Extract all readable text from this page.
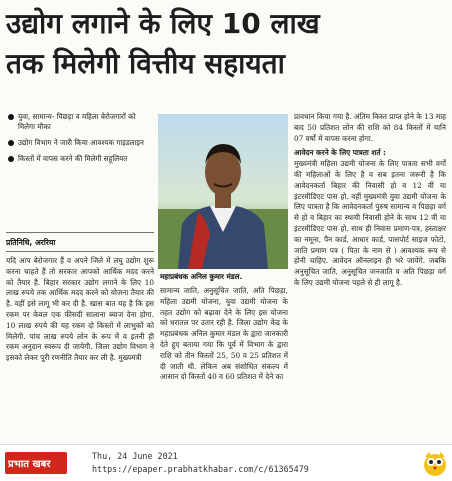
उद्योग लगाने के लिए 10 लाख
तक मिलेगी वित्तीय सहायता
युवा, सामान्य- पिछड़ा व महिला बेरोजगारों को मिलेगा मौका
उद्योग विभाग ने जारी किया आवश्यक गाइडलाइन
किस्तों में वापस करने की मिलेगी सहूलियत
प्रतिनिधि, अररिया

यदि आप बेरोजगार हैं व अपने जिले में लघु उद्योग शुरू करना चाहते हैं तो सरकार आपको आर्थिक मदद करने को तैयार है. बिहार सरकार उद्योग लगाने के लिए 10 लाख रुपये तक आर्थिक मदद करने को योजना तैयार की है. वहीं इसे लागू भी कर दी है. खास बात यह है कि इस रकम पर केवल एक फीसदी सालाना ब्याज देना होगा. 10 लाख रुपये की यह रकम दो किस्तों में लाभुकों को मिलेगी. पांच लाख रुपये लोन के रूप में व इतनी ही रकम अनुदान स्वरूप दी जायेगी. जिला उद्योग विभाग ने इसको लेकर पूरी रणनीति तैयार कर ली है. मुख्यमंत्री

महाप्रबंधक अनिल कुमार मंडल.

सामान्य जाति, अनुसूचित जाति, अति पिछड़ा, महिला उद्यमी योजना, युवा उद्यमी योजना के तहत उद्योग को बढ़ावा देने के लिए इस योजना को धरातल पर उतार रही है. जिला उद्योग केंद्र के महाप्रबंधक अनिल कुमार मंडल के द्वारा जानकारी देते हुए बताया गया कि पूर्व में विभाग के द्वारा राशि को तीन किस्तों 25, 50 व 25 प्रतिशत में दी जाती थी. लेकिन अब संशोधित संकल्प में आसान दो किस्तों 40 व 60 प्रतिशत में देने का

प्रावधान किया गया है. अंतिम किस्त प्राप्त होने के 13 माह बाद 50 प्रतिशत लोन की राशि को 84 किस्तों में यानि 07 वर्षों में वापस करना होगा.

आवेदन करने के लिए पात्रता शर्त :

मुख्यमंत्री महिला उद्यमी योजना के लिए पात्रता सभी वर्गों की महिलाओं के लिए है व सब इतना जरूरी है कि आवेदनकर्ता बिहार की निवासी हो व 12 वीं या इंटरमीडिएट पास हो. वहीं मुख्यमंत्री युवा उद्यमी योजना के लिए पात्रता है कि आवेदनकर्ता पुरुष सामान्य व पिछड़ा वर्ग से हो व बिहार का स्थायी निवासी होने के साथ 12 वीं या इंटरमीडिएट पास हो. साथ ही निवास प्रमाण-पत्र, हस्ताक्षर का नमूना, पैन कार्ड, आधार कार्ड, पासपोर्ट साइज फोटो, जाति प्रमाण पत्र ( पिता के नाम से ) आवश्यक रूप से होनी चाहिए. आवेदन ऑनलाइन ही भरे जायेंगे. जबकि अनुसूचित जाति, अनुसूचित जनजाति व अति पिछड़ा वर्ग के लिए उद्यमी योजना पहले से ही लागू है.

प्रभात खबर
Thu, 24 June 2021
https://epaper.prabhatkhabar.com/c/61365479
